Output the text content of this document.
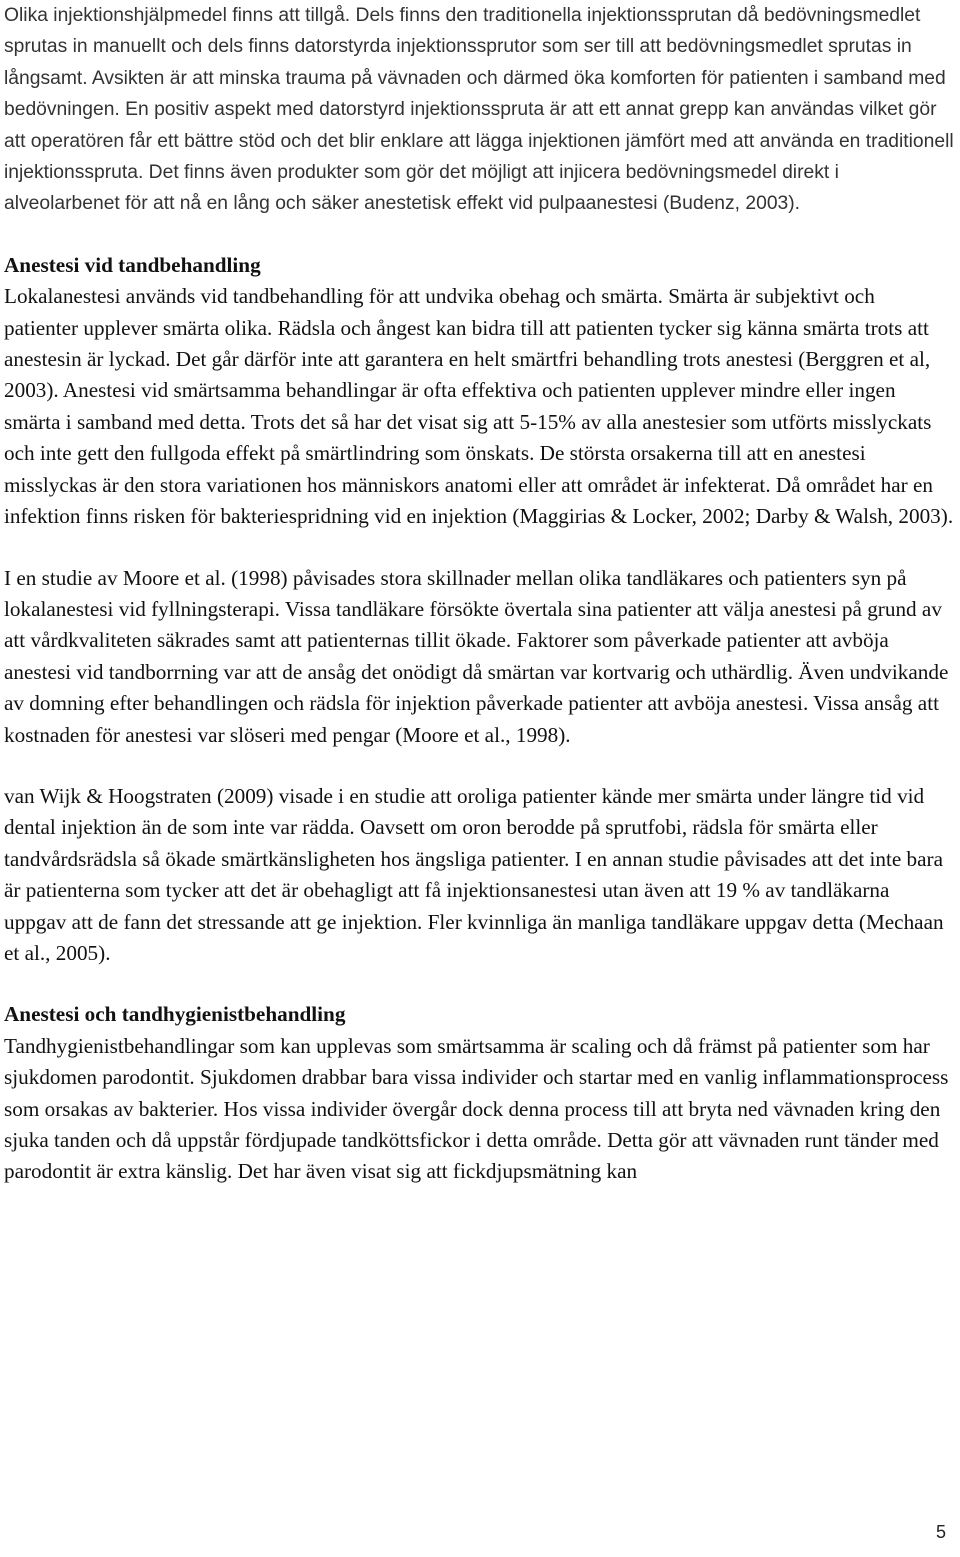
Olika injektionshjälpmedel finns att tillgå. Dels finns den traditionella injektionssprutan då bedövningsmedlet sprutas in manuellt och dels finns datorstyrda injektionssprutor som ser till att bedövningsmedlet sprutas in långsamt. Avsikten är att minska trauma på vävnaden och därmed öka komforten för patienten i samband med bedövningen. En positiv aspekt med datorstyrd injektionsspruta är att ett annat grepp kan användas vilket gör att operatören får ett bättre stöd och det blir enklare att lägga injektionen jämfört med att använda en traditionell injektionsspruta. Det finns även produkter som gör det möjligt att injicera bedövningsmedel direkt i alveolarbenet för att nå en lång och säker anestetisk effekt vid pulpaanestesi (Budenz, 2003).

Anestesi vid tandbehandling

Lokalanestesi används vid tandbehandling för att undvika obehag och smärta. Smärta är subjektivt och patienter upplever smärta olika. Rädsla och ångest kan bidra till att patienten tycker sig känna smärta trots att anestesin är lyckad. Det går därför inte att garantera en helt smärtfri behandling trots anestesi (Berggren et al, 2003). Anestesi vid smärtsamma behandlingar är ofta effektiva och patienten upplever mindre eller ingen smärta i samband med detta. Trots det så har det visat sig att 5-15% av alla anestesier som utförts misslyckats och inte gett den fullgoda effekt på smärtlindring som önskats. De största orsakerna till att en anestesi misslyckas är den stora variationen hos människors anatomi eller att området är infekterat. Då området har en infektion finns risken för bakteriespridning vid en injektion (Maggirias & Locker, 2002; Darby & Walsh, 2003).

I en studie av Moore et al. (1998) påvisades stora skillnader mellan olika tandläkares och patienters syn på lokalanestesi vid fyllningsterapi. Vissa tandläkare försökte övertala sina patienter att välja anestesi på grund av att vårdkvaliteten säkrades samt att patienternas tillit ökade. Faktorer som påverkade patienter att avböja anestesi vid tandborrning var att de ansåg det onödigt då smärtan var kortvarig och uthärdlig. Även undvikande av domning efter behandlingen och rädsla för injektion påverkade patienter att avböja anestesi. Vissa ansåg att kostnaden för anestesi var slöseri med pengar (Moore et al., 1998).

van Wijk & Hoogstraten (2009) visade i en studie att oroliga patienter kände mer smärta under längre tid vid dental injektion än de som inte var rädda. Oavsett om oron berodde på sprutfobi, rädsla för smärta eller tandvårdsrädsla så ökade smärtkänsligheten hos ängsliga patienter. I en annan studie påvisades att det inte bara är patienterna som tycker att det är obehagligt att få injektionsanestesi utan även att 19 % av tandläkarna uppgav att de fann det stressande att ge injektion. Fler kvinnliga än manliga tandläkare uppgav detta (Mechaan et al., 2005).

Anestesi och tandhygienistbehandling

Tandhygienistbehandlingar som kan upplevas som smärtsamma är scaling och då främst på patienter som har sjukdomen parodontit. Sjukdomen drabbar bara vissa individer och startar med en vanlig inflammationsprocess som orsakas av bakterier. Hos vissa individer övergår dock denna process till att bryta ned vävnaden kring den sjuka tanden och då uppstår fördjupade tandköttsfickor i detta område. Detta gör att vävnaden runt tänder med parodontit är extra känslig. Det har även visat sig att fickdjupsmätning kan

5
